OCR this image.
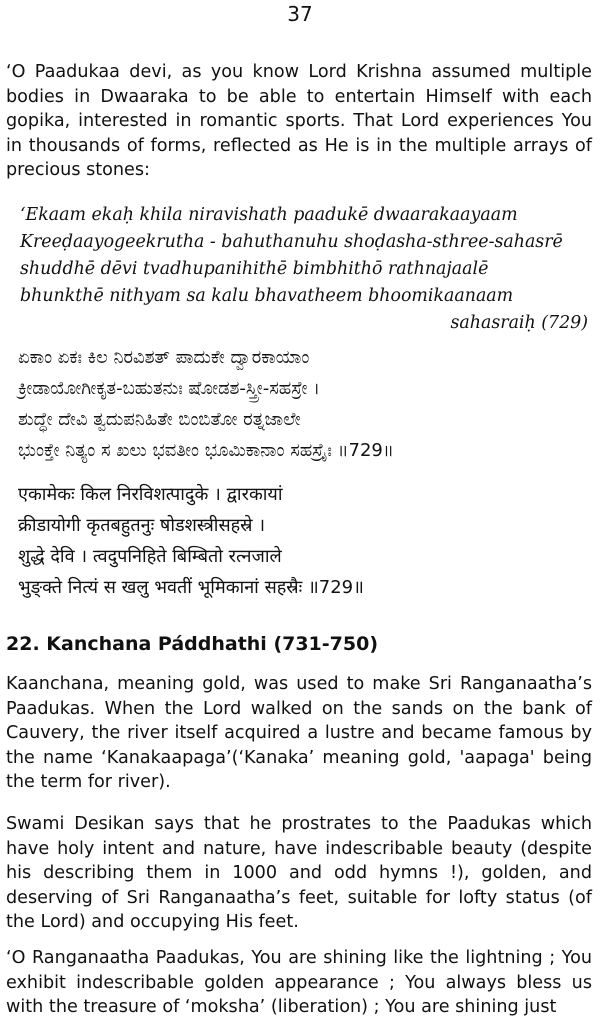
37

‘O Paadukaa devi, as you know Lord Krishna assumed multiple bodies in Dwaaraka to be able to entertain Himself with each gopika, interested in romantic sports. That Lord experiences You in thousands of forms, reflected as He is in the multiple arrays of precious stones:

‘Ekaam ekaḥ khila niravishath paadukē dwaarakaayaam
Kreeḍaayogeekrutha - bahuthanuhu shoḍasha-sthree-sahasrē
shuddhē dēvi tvadhupanihithē bimbhithō rathnajaalē
bhunkthē nithyam sa kalu bhavatheem bhoomikaanaam
sahasraiḥ (729)
ಏಕಾಂ ಏಕಃ ಕಿಲ ನಿರವಿಶತ್ ಪಾದುಕೇ ದ್ವಾರಕಾಯಾಂ
ಕ್ರೀಡಾಯೋಗೀಕೃತ-ಬಹುತನುಃ ಷೋಡಶ-ಸ್ತ್ರೀ-ಸಹಸ್ರೇ ।
ಶುದ್ಧೇ ದೇವಿ ತ್ವದುಪನಿಹಿತೇ ಬಿಂಬಿತೋ ರತ್ನಜಾಲೇ
ಭುಂಕ್ತೇ ನಿತ್ಯಂ ಸ ಖಲು ಭವತೀಂ ಭೂಮಿಕಾನಾಂ ಸಹಸ್ರೈಃ ॥729॥
एकामेकः किल निरविशत्पादुके । द्वारकायां
क्रीडायोगी कृतबहुतनुः षोडशस्त्रीसहस्रे ।
शुद्धे देवि । त्वदुपनिहिते बिम्बितो रत्नजाले
भुङ्क्ते नित्यं स खलु भवतीं भूमिकानां सहस्रैः ॥729॥
22. Kanchana Páddhathi (731-750)

Kaanchana, meaning gold, was used to make Sri Ranganaatha’s Paadukas. When the Lord walked on the sands on the bank of Cauvery, the river itself acquired a lustre and became famous by the name ‘Kanakaapaga’(‘Kanaka’ meaning gold, 'aapaga' being the term for river).

Swami Desikan says that he prostrates to the Paadukas which have holy intent and nature, have indescribable beauty (despite his describing them in 1000 and odd hymns !), golden, and deserving of Sri Ranganaatha’s feet, suitable for lofty status (of the Lord) and occupying His feet.

‘O Ranganaatha Paadukas, You are shining like the lightning ; You exhibit indescribable golden appearance ; You always bless us with the treasure of ‘moksha’ (liberation) ; You are shining just
